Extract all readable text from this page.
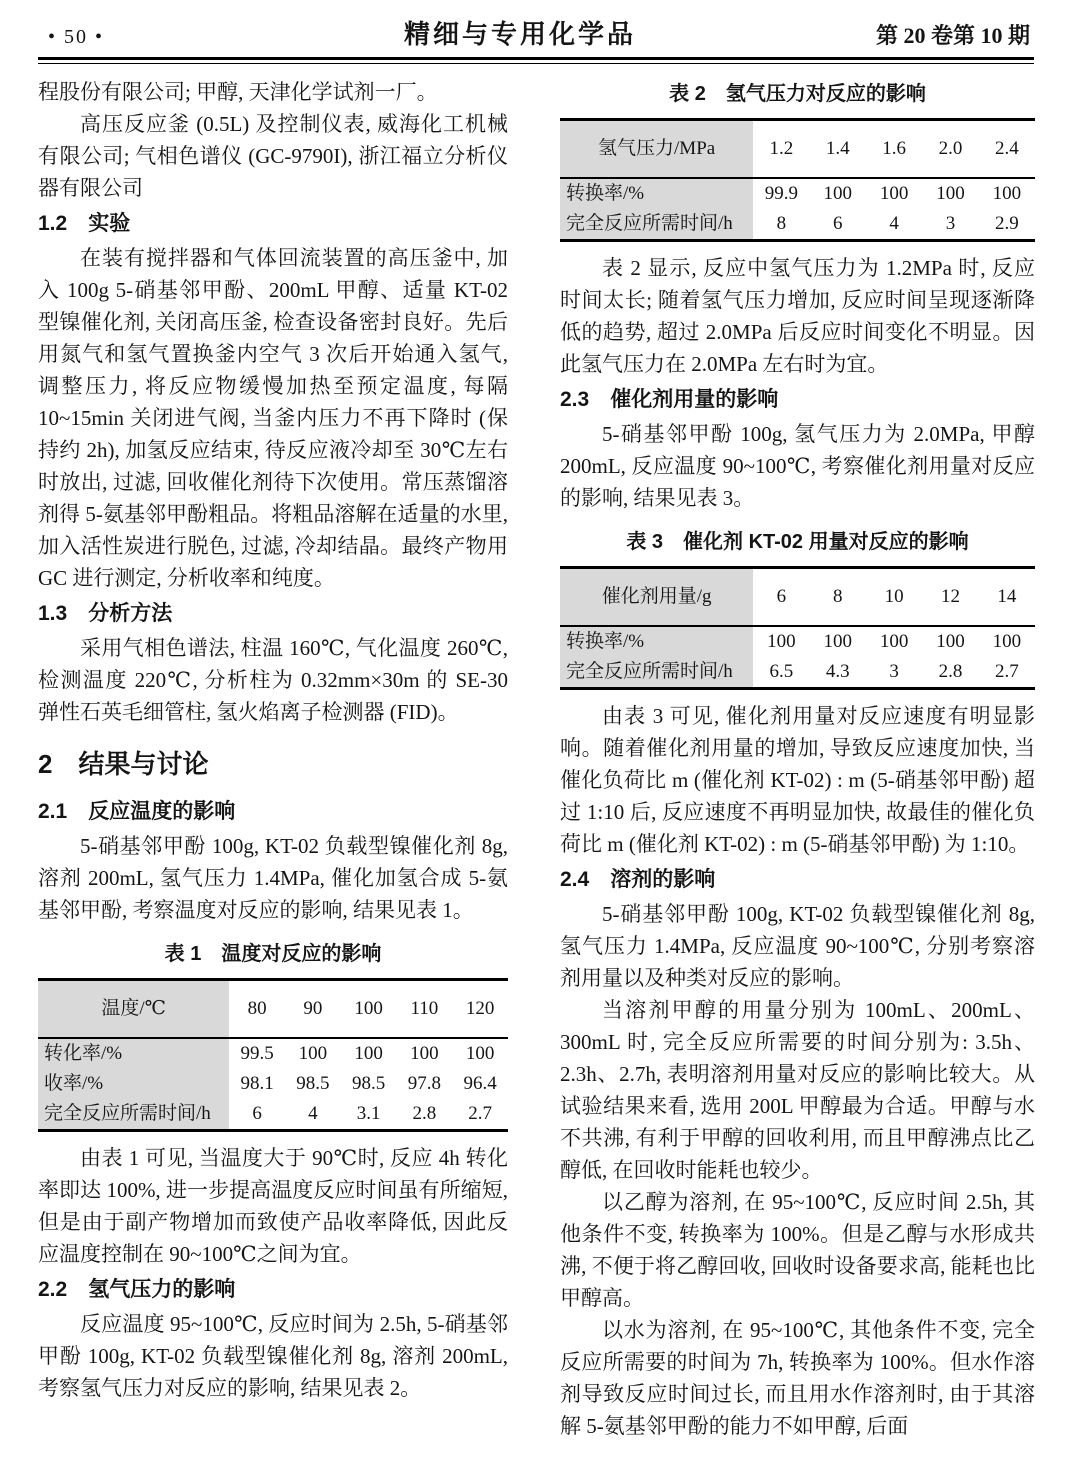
• 50 •	精细与专用化学品	第 20 卷第 10 期

程股份有限公司; 甲醇, 天津化学试剂一厂。

高压反应釜 (0.5L) 及控制仪表, 威海化工机械有限公司; 气相色谱仪 (GC-9790I), 浙江福立分析仪器有限公司

1.2　实验

在装有搅拌器和气体回流装置的高压釜中, 加入 100g 5-硝基邻甲酚、200mL 甲醇、适量 KT-02 型镍催化剂, 关闭高压釜, 检查设备密封良好。先后用氮气和氢气置换釜内空气 3 次后开始通入氢气, 调整压力, 将反应物缓慢加热至预定温度, 每隔 10~15min 关闭进气阀, 当釜内压力不再下降时 (保持约 2h), 加氢反应结束, 待反应液冷却至 30℃左右时放出, 过滤, 回收催化剂待下次使用。常压蒸馏溶剂得 5-氨基邻甲酚粗品。将粗品溶解在适量的水里, 加入活性炭进行脱色, 过滤, 冷却结晶。最终产物用 GC 进行测定, 分析收率和纯度。

1.3　分析方法

采用气相色谱法, 柱温 160℃, 气化温度 260℃, 检测温度 220℃, 分析柱为 0.32mm×30m 的 SE-30 弹性石英毛细管柱, 氢火焰离子检测器 (FID)。

2　结果与讨论

2.1　反应温度的影响

5-硝基邻甲酚 100g, KT-02 负载型镍催化剂 8g, 溶剂 200mL, 氢气压力 1.4MPa, 催化加氢合成 5-氨基邻甲酚, 考察温度对反应的影响, 结果见表 1。

表 1　温度对反应的影响

温度/℃	80	90	100	110	120
转化率/%	99.5	100	100	100	100
收率/%	98.1	98.5	98.5	97.8	96.4
完全反应所需时间/h	6	4	3.1	2.8	2.7

由表 1 可见, 当温度大于 90℃时, 反应 4h 转化率即达 100%, 进一步提高温度反应时间虽有所缩短, 但是由于副产物增加而致使产品收率降低, 因此反应温度控制在 90~100℃之间为宜。

2.2　氢气压力的影响

反应温度 95~100℃, 反应时间为 2.5h, 5-硝基邻甲酚 100g, KT-02 负载型镍催化剂 8g, 溶剂 200mL, 考察氢气压力对反应的影响, 结果见表 2。

表 2　氢气压力对反应的影响

氢气压力/MPa	1.2	1.4	1.6	2.0	2.4
转换率/%	99.9	100	100	100	100
完全反应所需时间/h	8	6	4	3	2.9

表 2 显示, 反应中氢气压力为 1.2MPa 时, 反应时间太长; 随着氢气压力增加, 反应时间呈现逐渐降低的趋势, 超过 2.0MPa 后反应时间变化不明显。因此氢气压力在 2.0MPa 左右时为宜。

2.3　催化剂用量的影响

5-硝基邻甲酚 100g, 氢气压力为 2.0MPa, 甲醇 200mL, 反应温度 90~100℃, 考察催化剂用量对反应的影响, 结果见表 3。

表 3　催化剂 KT-02 用量对反应的影响

催化剂用量/g	6	8	10	12	14
转换率/%	100	100	100	100	100
完全反应所需时间/h	6.5	4.3	3	2.8	2.7

由表 3 可见, 催化剂用量对反应速度有明显影响。随着催化剂用量的增加, 导致反应速度加快, 当催化负荷比 m (催化剂 KT-02) : m (5-硝基邻甲酚) 超过 1:10 后, 反应速度不再明显加快, 故最佳的催化负荷比 m (催化剂 KT-02) : m (5-硝基邻甲酚) 为 1:10。

2.4　溶剂的影响

5-硝基邻甲酚 100g, KT-02 负载型镍催化剂 8g, 氢气压力 1.4MPa, 反应温度 90~100℃, 分别考察溶剂用量以及种类对反应的影响。

当溶剂甲醇的用量分别为 100mL、200mL、300mL 时, 完全反应所需要的时间分别为: 3.5h、2.3h、2.7h, 表明溶剂用量对反应的影响比较大。从试验结果来看, 选用 200L 甲醇最为合适。甲醇与水不共沸, 有利于甲醇的回收利用, 而且甲醇沸点比乙醇低, 在回收时能耗也较少。

以乙醇为溶剂, 在 95~100℃, 反应时间 2.5h, 其他条件不变, 转换率为 100%。但是乙醇与水形成共沸, 不便于将乙醇回收, 回收时设备要求高, 能耗也比甲醇高。

以水为溶剂, 在 95~100℃, 其他条件不变, 完全反应所需要的时间为 7h, 转换率为 100%。但水作溶剂导致反应时间过长, 而且用水作溶剂时, 由于其溶解 5-氨基邻甲酚的能力不如甲醇, 后面
